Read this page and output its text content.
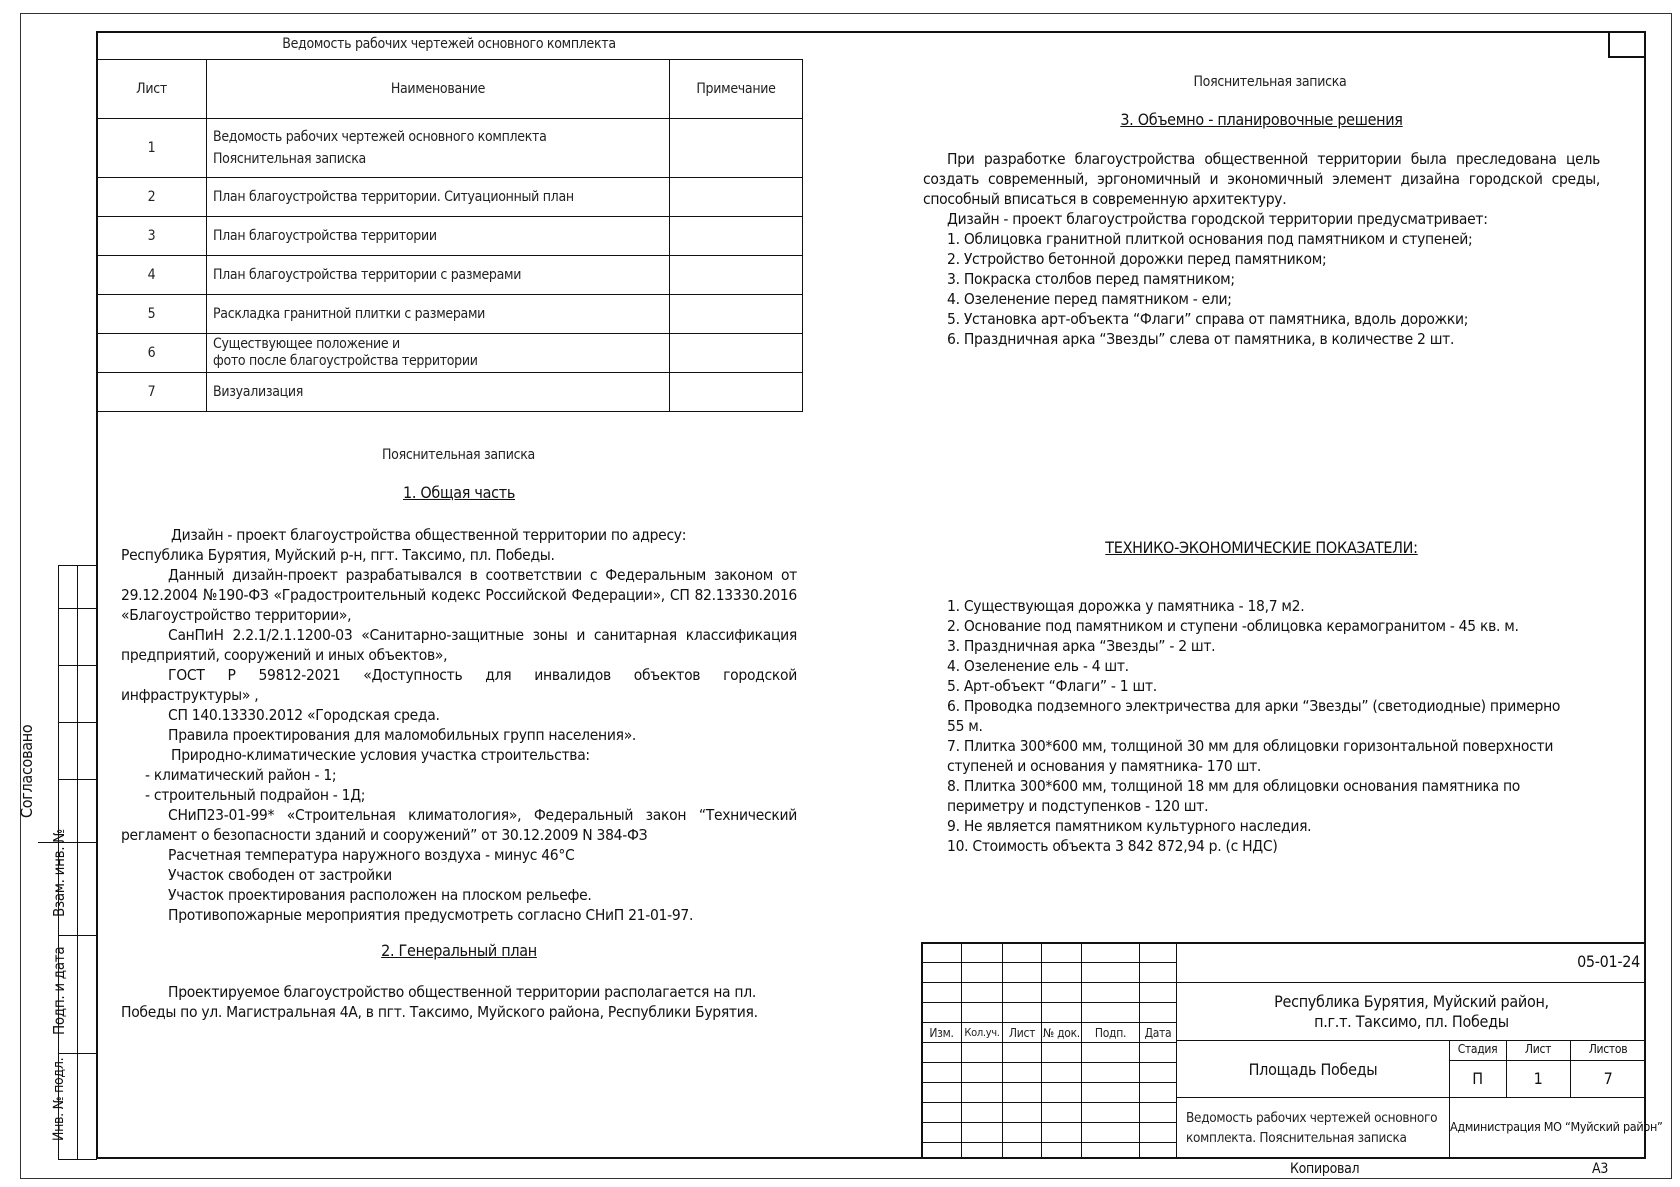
Согласовано
Взам. инв. №
Подп. и дата
Инв. № подл.
Ведомость рабочих чертежей основного комплекта
Лист	Наименование	Примечание
1	Ведомость рабочих чертежей основного комплекта
Пояснительная записка	

2	План благоустройства территории. Ситуационный план	
3	План благоустройства территории	
4	План благоустройства территории с размерами	
5	Раскладка гранитной плитки с размерами	
6	Существующее положение и
фото после благоустройства территории	

7	Визуализация	
Пояснительная записка

1. Общая часть

Дизайн - проект благоустройства общественной территории по адресу:

Республика Бурятия, Муйский р-н, пгт. Таксимо, пл. Победы.

Данный дизайн-проект разрабатывался в соответствии с Федеральным законом от 29.12.2004 №190-ФЗ «Градостроительный кодекс Российской Федерации», СП 82.13330.2016 «Благоустройство территории»,

СанПиН 2.2.1/2.1.1200-03 «Санитарно-защитные зоны и санитарная классификация предприятий, сооружений и иных объектов»,

ГОСТ Р 59812-2021 «Доступность для инвалидов объектов городской инфраструктуры» ,

СП 140.13330.2012 «Городская среда.

Правила проектирования для маломобильных групп населения».

Природно-климатические условия участка строительства:

- климатический район - 1;

- строительный подрайон - 1Д;

СНиП23-01-99* «Строительная климатология», Федеральный закон “Технический регламент о безопасности зданий и сооружений” от 30.12.2009 N 384-ФЗ

Расчетная температура наружного воздуха - минус 46°С

Участок свободен от застройки

Участок проектирования расположен на плоском рельефе.

Противопожарные мероприятия предусмотреть согласно СНиП 21-01-97.

2. Генеральный план

Проектируемое благоустройство общественной территории располагается на пл. Победы по ул. Магистральная 4А, в пгт. Таксимо, Муйского района, Республики Бурятия.

Пояснительная записка

3. Объемно - планировочные решения

При разработке благоустройства общественной территории была преследована цель создать современный, эргономичный и экономичный элемент дизайна городской среды, способный вписаться в современную архитектуру.

Дизайн - проект благоустройства городской территории предусматривает:

1. Облицовка гранитной плиткой основания под памятником и ступеней;

2. Устройство бетонной дорожки перед памятником;

3. Покраска столбов перед памятником;

4. Озеленение перед памятником - ели;

5. Установка арт-объекта “Флаги” справа от памятника, вдоль дорожки;

6. Праздничная арка “Звезды” слева от памятника, в количестве 2 шт.

ТЕХНИКО-ЭКОНОМИЧЕСКИЕ ПОКАЗАТЕЛИ:

1. Существующая дорожка у памятника - 18,7 м2.

2. Основание под памятником и ступени -облицовка керамогранитом - 45 кв. м.

3. Праздничная арка “Звезды” - 2 шт.

4. Озеленение ель - 4 шт.

5. Арт-объект “Флаги” - 1 шт.

6. Проводка подземного электричества для арки “Звезды” (светодиодные) примерно 55 м.

7. Плитка 300*600 мм, толщиной 30 мм для облицовки горизонтальной поверхности ступеней и основания у памятника- 170 шт.

8. Плитка 300*600 мм, толщиной 18 мм для облицовки основания памятника по периметру и подступенков - 120 шт.

9. Не является памятником культурного наследия.

10. Стоимость объекта 3 842 872,94 р. (с НДС)

Изм.	Кол.уч.	Лист	№ док.	Подп.	Дата

05-01-24
Республика Бурятия, Муйский район,
п.г.т. Таксимо, пл. Победы
Площадь Победы
Стадия	Лист	Листов
П	1	7
Ведомость рабочих чертежей основного
комплекта. Пояснительная записка
Администрация МО “Муйский район”
Копировал	А3
